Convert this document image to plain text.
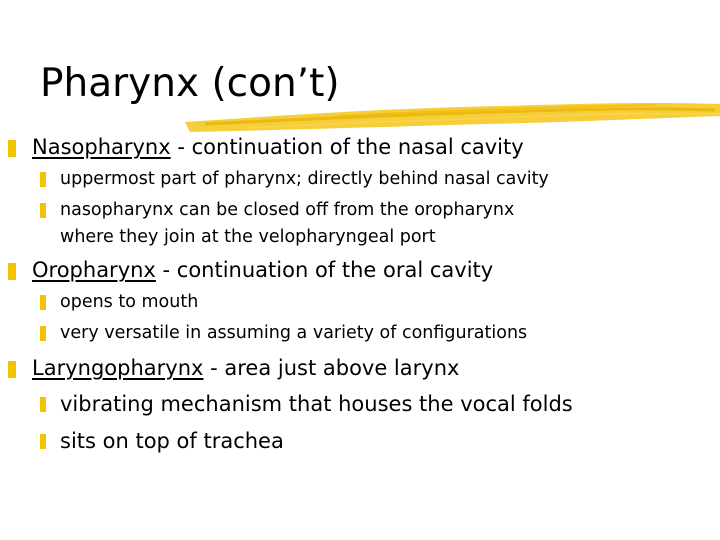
Pharynx (con’t)
Nasopharynx - continuation of the nasal cavity
uppermost part of pharynx; directly behind nasal cavity
nasopharynx can be closed off from the oropharynx
where they join at the velopharyngeal port
Oropharynx - continuation of the oral cavity
opens to mouth
very versatile in assuming a variety of configurations
Laryngopharynx - area just above larynx
vibrating mechanism that houses the vocal folds
sits on top of trachea
